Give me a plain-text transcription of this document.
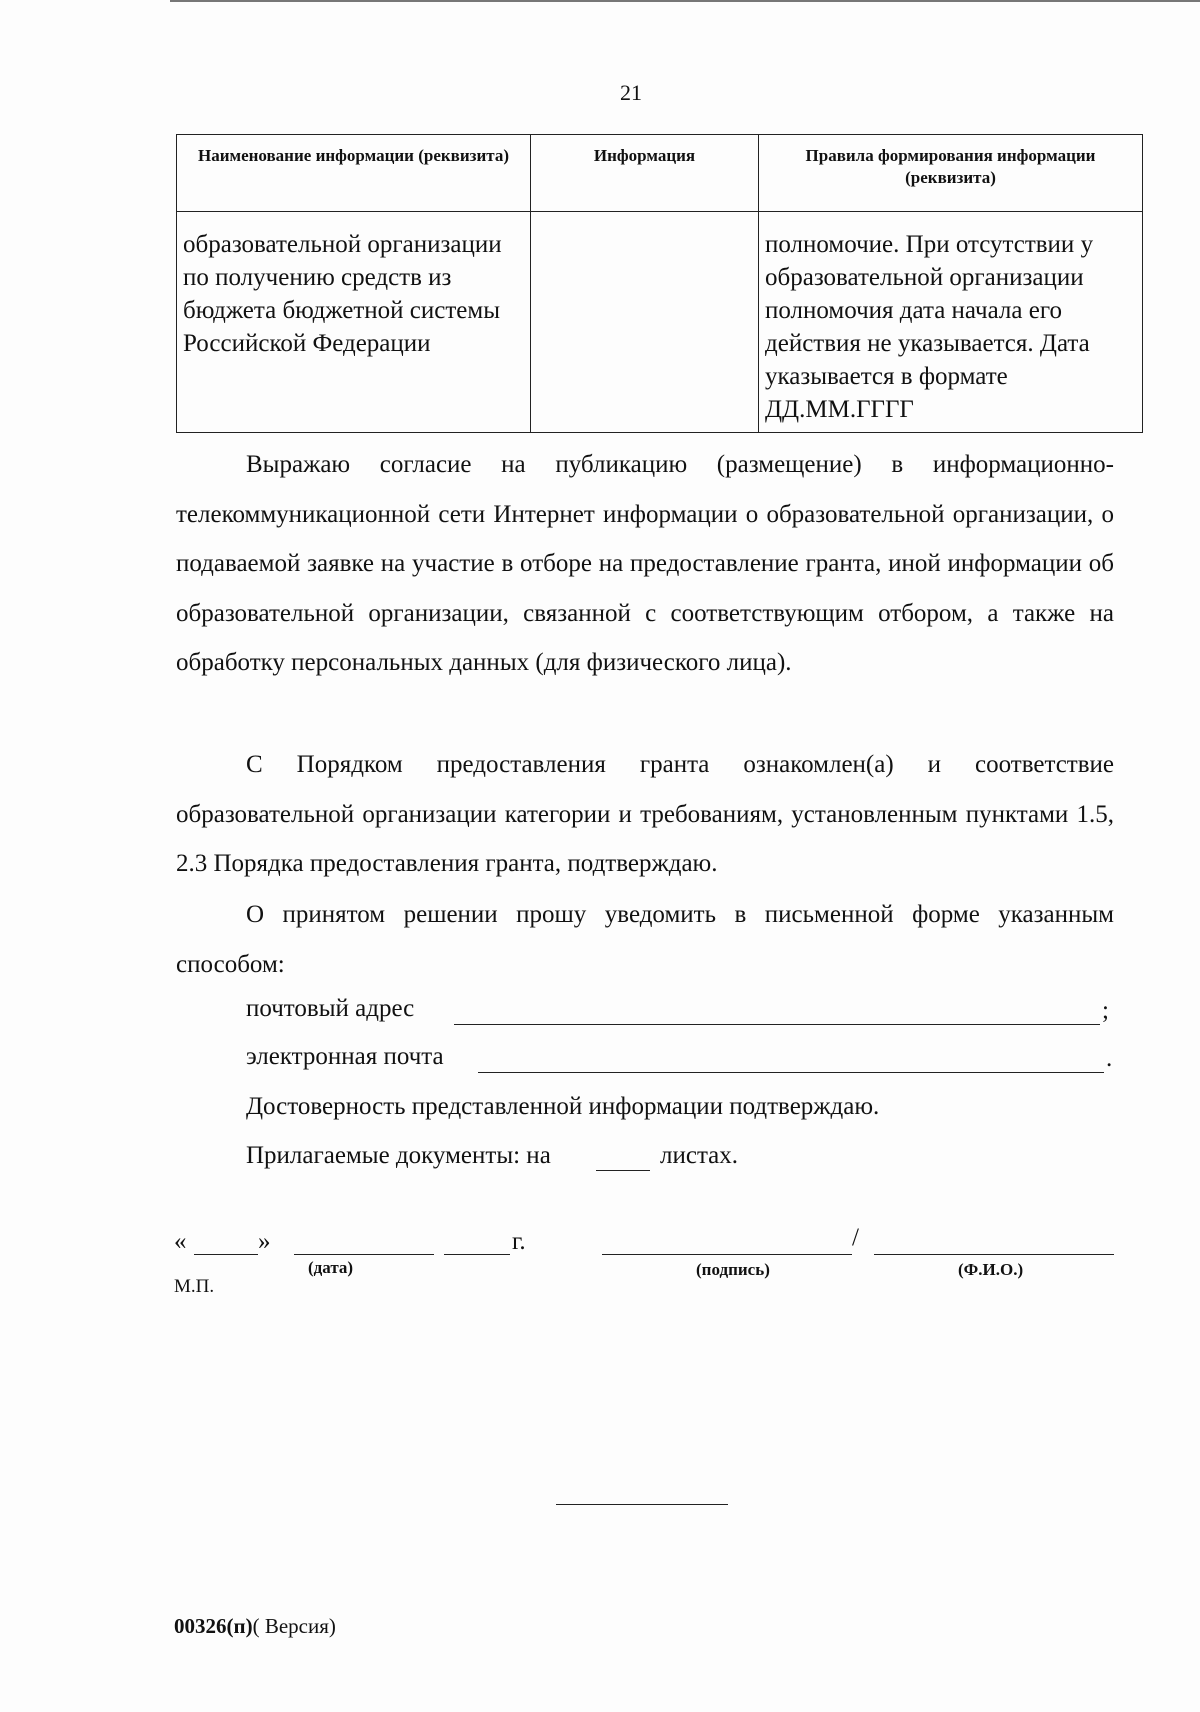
21
Наименование информации (реквизита)	Информация	Правила формирования информации (реквизита)
образовательной организации по получению средств из бюджета бюджетной системы Российской Федерации		полномочие. При отсутствии у образовательной организации полномочия дата начала его действия не указывается. Дата указывается в формате ДД.ММ.ГГГГ
Выражаю согласие на публикацию (размещение) в информационно-телекоммуникационной сети Интернет информации о образовательной организации, о подаваемой заявке на участие в отборе на предоставление гранта, иной информации об образовательной организации, связанной с соответствующим отбором, а также на обработку персональных данных (для физического лица).
С Порядком предоставления гранта ознакомлен(а) и соответствие образовательной организации категории и требованиям, установленным пунктами 1.5, 2.3 Порядка предоставления гранта, подтверждаю.
О принятом решении прошу уведомить в письменной форме указанным способом:
почтовый адрес	;
электронная почта	.
Достоверность представленной информации подтверждаю.
Прилагаемые документы: на	листах.
«	»	г.	/
(дата)	(подпись)	(Ф.И.О.)
М.П.
00326(п)( Версия)
